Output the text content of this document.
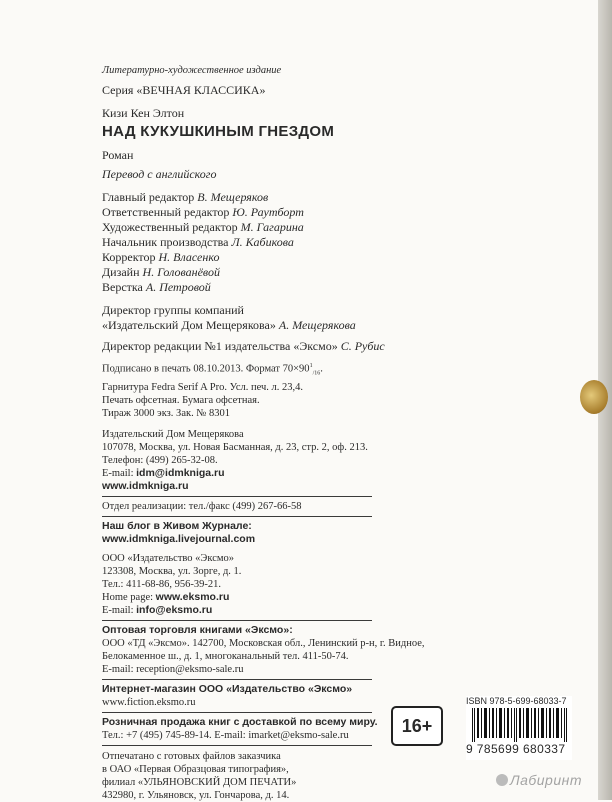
Литературно-художественное издание
Серия «ВЕЧНАЯ КЛАССИКА»
Кизи Кен Элтон
НАД КУКУШКИНЫМ ГНЕЗДОМ
Роман
Перевод с английского
Главный редактор В. Мещеряков
Ответственный редактор Ю. Раутборт
Художественный редактор М. Гагарина
Начальник производства Л. Кабикова
Корректор Н. Власенко
Дизайн Н. Голованёвой
Верстка А. Петровой
Директор группы компаний
«Издательский Дом Мещерякова» А. Мещерякова
Директор редакции №1 издательства «Эксмо» С. Рубис
Подписано в печать 08.10.2013. Формат $70\times 90^1_{/16}$.
Гарнитура Fedra Serif A Pro. Усл. печ. л. 23,4.
Печать офсетная. Бумага офсетная.
Тираж 3000 экз. Зак. № 8301
Издательский Дом Мещерякова
107078, Москва, ул. Новая Басманная, д. 23, стр. 2, оф. 213.
Телефон: (499) 265-32-08.
E-mail: idm@idmkniga.ru
www.idmkniga.ru
Отдел реализации: тел./факс (499) 267-66-58
Наш блог в Живом Журнале:
www.idmkniga.livejournal.com
ООО «Издательство «Эксмо»
123308, Москва, ул. Зорге, д. 1.
Тел.: 411-68-86, 956-39-21.
Home page: www.eksmo.ru
E-mail: info@eksmo.ru
Оптовая торговля книгами «Эксмо»:
ООО «ТД «Эксмо». 142700, Московская обл., Ленинский р-н, г. Видное,
Белокаменное ш., д. 1, многоканальный тел. 411-50-74.
E-mail: reception@eksmo-sale.ru
Интернет-магазин ООО «Издательство «Эксмо»
www.fiction.eksmo.ru
Розничная продажа книг с доставкой по всему миру.
Тел.: +7 (495) 745-89-14. E-mail: imarket@eksmo-sale.ru
Отпечатано с готовых файлов заказчика
в ОАО «Первая Образцовая типография»,
филиал «УЛЬЯНОВСКИЙ ДОМ ПЕЧАТИ»
432980, г. Ульяновск, ул. Гончарова, д. 14.
16+
ISBN 978-5-699-68033-7
9 785699 680337
Лабиринт
